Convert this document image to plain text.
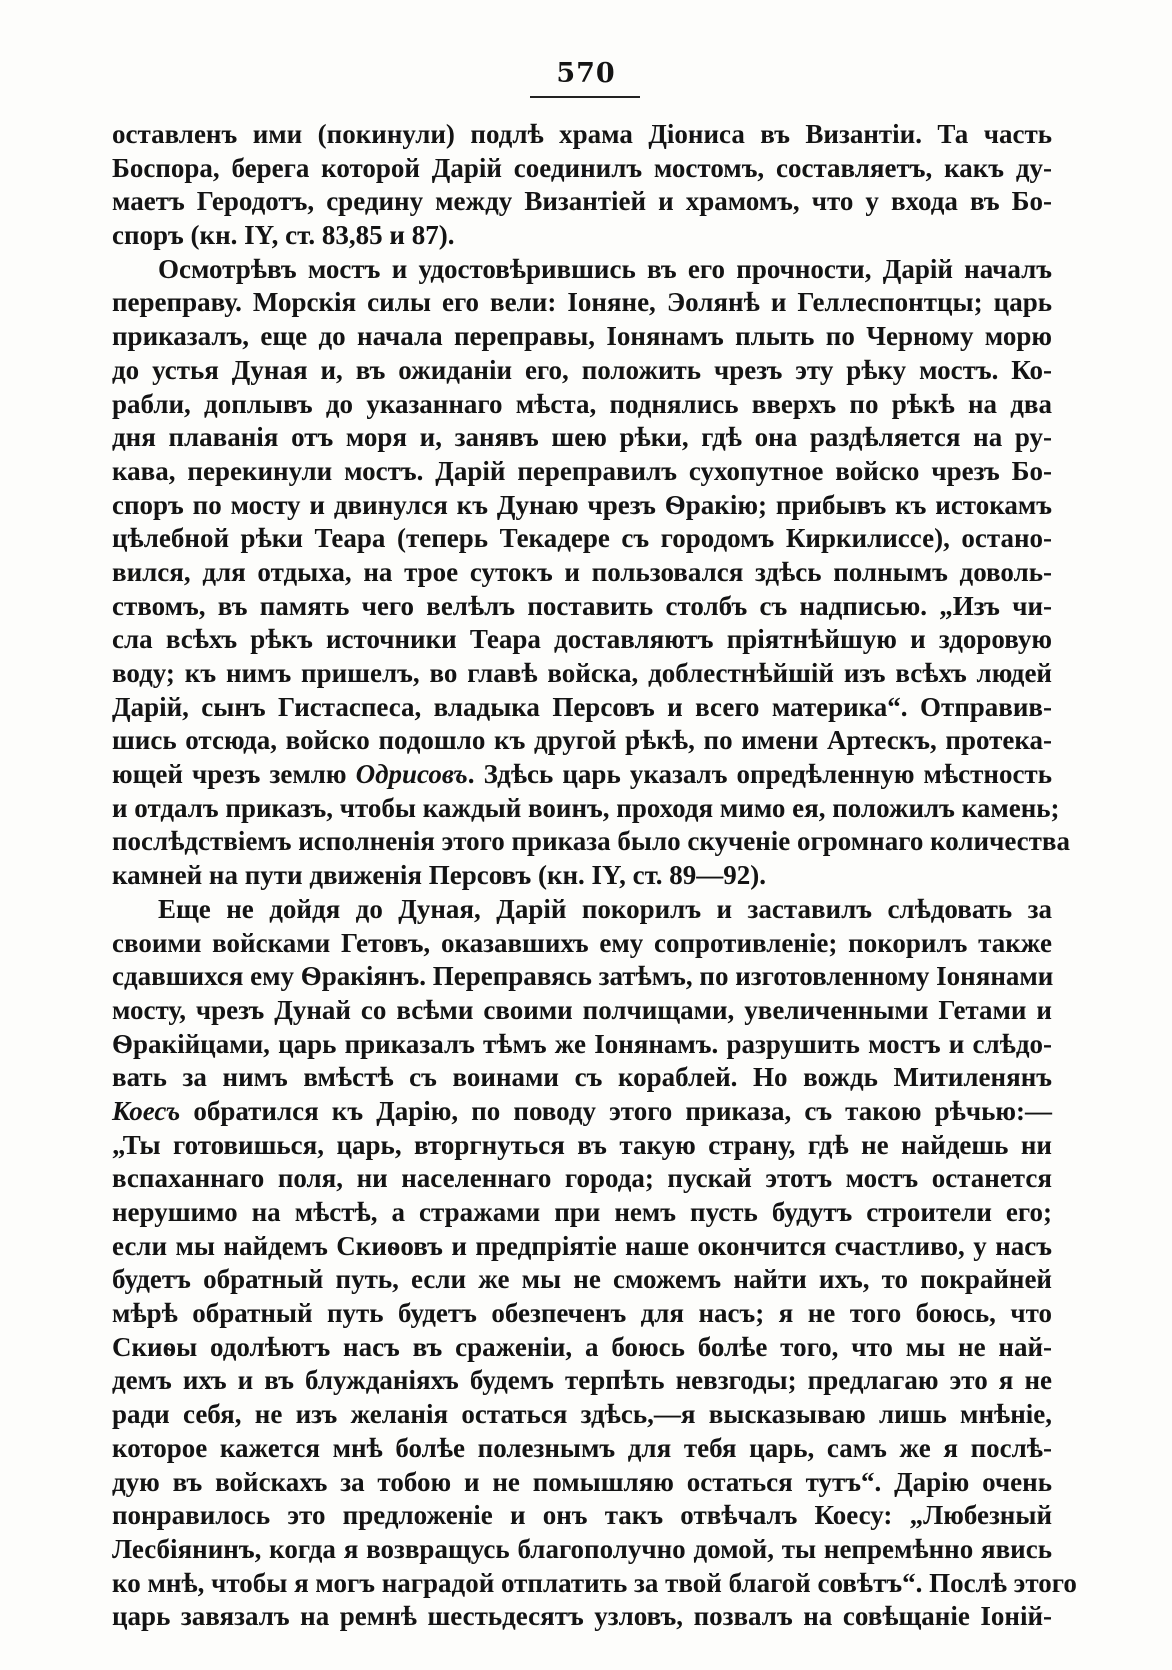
570
оставленъ ими (покинули) подлѣ храма Діониса въ Византіи. Та часть
Боспора, берега которой Дарій соединилъ мостомъ, составляетъ, какъ ду-
маетъ Геродотъ, средину между Византіей и храмомъ, что у входа въ Бо-
споръ (кн. IY, ст. 83,85 и 87).
Осмотрѣвъ мостъ и удостовѣрившись въ его прочности, Дарій началъ
переправу. Морскія силы его вели: Іоняне, Эолянѣ и Геллеспонтцы; царь
приказалъ, еще до начала переправы, Іонянамъ плыть по Черному морю
до устья Дуная и, въ ожиданіи его, положить чрезъ эту рѣку мостъ. Ко-
рабли, доплывъ до указаннаго мѣста, поднялись вверхъ по рѣкѣ на два
дня плаванія отъ моря и, занявъ шею рѣки, гдѣ она раздѣляется на ру-
кава, перекинули мостъ. Дарій переправилъ сухопутное войско чрезъ Бо-
споръ по мосту и двинулся къ Дунаю чрезъ Ѳракію; прибывъ къ истокамъ
цѣлебной рѣки Теара (теперь Текадере съ городомъ Киркилиссе), остано-
вился, для отдыха, на трое сутокъ и пользовался здѣсь полнымъ доволь-
ствомъ, въ память чего велѣлъ поставить столбъ съ надписью. „Изъ чи-
сла всѣхъ рѣкъ источники Теара доставляютъ пріятнѣйшую и здоровую
воду; къ нимъ пришелъ, во главѣ войска, доблестнѣйшій изъ всѣхъ людей
Дарій, сынъ Гистаспеса, владыка Персовъ и всего материка“. Отправив-
шись отсюда, войско подошло къ другой рѣкѣ, по имени Артескъ, протека-
ющей чрезъ землю Одрисовъ. Здѣсь царь указалъ опредѣленную мѣстность
и отдалъ приказъ, чтобы каждый воинъ, проходя мимо ея, положилъ камень;
послѣдствіемъ исполненія этого приказа было скученіе огромнаго количества
камней на пути движенія Персовъ (кн. IY, ст. 89—92).
Еще не дойдя до Дуная, Дарій покорилъ и заставилъ слѣдовать за
своими войсками Гетовъ, оказавшихъ ему сопротивленіе; покорилъ также
сдавшихся ему Ѳракіянъ. Переправясь затѣмъ, по изготовленному Іонянами
мосту, чрезъ Дунай со всѣми своими полчищами, увеличенными Гетами и
Ѳракійцами, царь приказалъ тѣмъ же Іонянамъ. разрушить мостъ и слѣдо-
вать за нимъ вмѣстѣ съ воинами съ кораблей. Но вождь Митиленянъ
Коесъ обратился къ Дарію, по поводу этого приказа, съ такою рѣчью:—
„Ты готовишься, царь, вторгнуться въ такую страну, гдѣ не найдешь ни
вспаханнаго поля, ни населеннаго города; пускай этотъ мостъ останется
нерушимо на мѣстѣ, а стражами при немъ пусть будутъ строители его;
если мы найдемъ Скиѳовъ и предпріятіе наше окончится счастливо, у насъ
будетъ обратный путь, если же мы не сможемъ найти ихъ, то покрайней
мѣрѣ обратный путь будетъ обезпеченъ для насъ; я не того боюсь, что
Скиѳы одолѣютъ насъ въ сраженіи, а боюсь болѣе того, что мы не най-
демъ ихъ и въ блужданіяхъ будемъ терпѣть невзгоды; предлагаю это я не
ради себя, не изъ желанія остаться здѣсь,—я высказываю лишь мнѣніе,
которое кажется мнѣ болѣе полезнымъ для тебя царь, самъ же я послѣ-
дую въ войскахъ за тобою и не помышляю остаться тутъ“. Дарію очень
понравилось это предложеніе и онъ такъ отвѣчалъ Коесу: „Любезный
Лесбіянинъ, когда я возвращусь благополучно домой, ты непремѣнно явись
ко мнѣ, чтобы я могъ наградой отплатить за твой благой совѣтъ“. Послѣ этого
царь завязалъ на ремнѣ шестьдесятъ узловъ, позвалъ на совѣщаніе Іоній-
